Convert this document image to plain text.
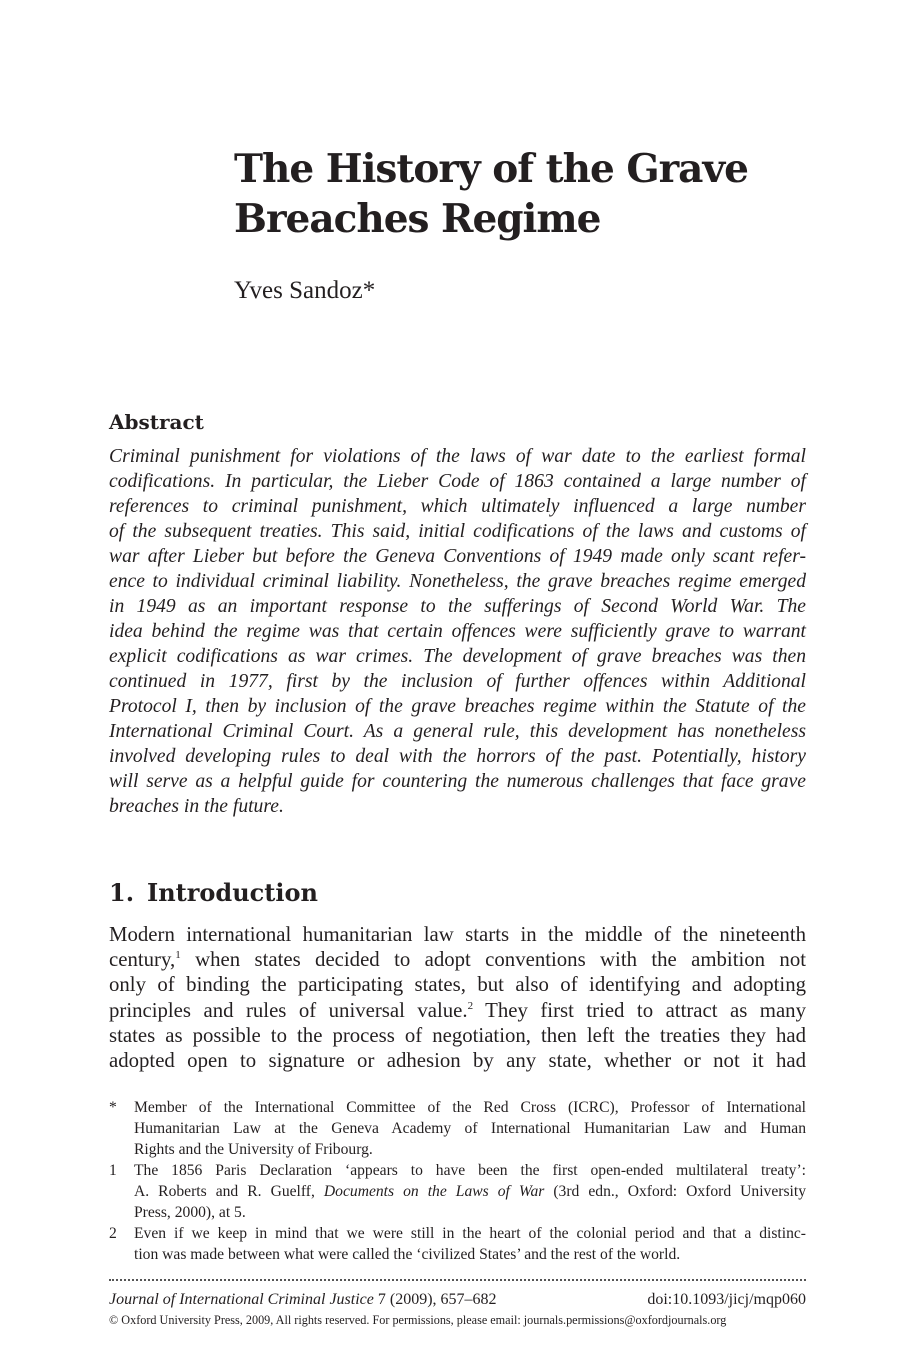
The History of the Grave
Breaches Regime

Yves Sandoz*

Abstract
Criminal punishment for violations of the laws of war date to the earliest formal
codifications. In particular, the Lieber Code of 1863 contained a large number of
references to criminal punishment, which ultimately influenced a large number
of the subsequent treaties. This said, initial codifications of the laws and customs of
war after Lieber but before the Geneva Conventions of 1949 made only scant refer-
ence to individual criminal liability. Nonetheless, the grave breaches regime emerged
in 1949 as an important response to the sufferings of Second World War. The
idea behind the regime was that certain offences were sufficiently grave to warrant
explicit codifications as war crimes. The development of grave breaches was then
continued in 1977, first by the inclusion of further offences within Additional
Protocol I, then by inclusion of the grave breaches regime within the Statute of the
International Criminal Court. As a general rule, this development has nonetheless
involved developing rules to deal with the horrors of the past. Potentially, history
will serve as a helpful guide for countering the numerous challenges that face grave
breaches in the future.
1. Introduction
Modern international humanitarian law starts in the middle of the nineteenth
century,$^1$ when states decided to adopt conventions with the ambition not
only of binding the participating states, but also of identifying and adopting
principles and rules of universal value.$^2$ They first tried to attract as many
states as possible to the process of negotiation, then left the treaties they had
adopted open to signature or adhesion by any state, whether or not it had
* Member of the International Committee of the Red Cross (ICRC), Professor of International
Humanitarian Law at the Geneva Academy of International Humanitarian Law and Human
Rights and the University of Fribourg.
1 The 1856 Paris Declaration ‘appears to have been the first open-ended multilateral treaty’:
A. Roberts and R. Guelff, Documents on the Laws of War (3rd edn., Oxford: Oxford University
Press, 2000), at 5.
2 Even if we keep in mind that we were still in the heart of the colonial period and that a distinc-
tion was made between what were called the ‘civilized States’ and the rest of the world.
Journal of International Criminal Justice 7 (2009), 657–682	doi:10.1093/jicj/mqp060
© Oxford University Press, 2009, All rights reserved. For permissions, please email: journals.permissions@oxfordjournals.org
